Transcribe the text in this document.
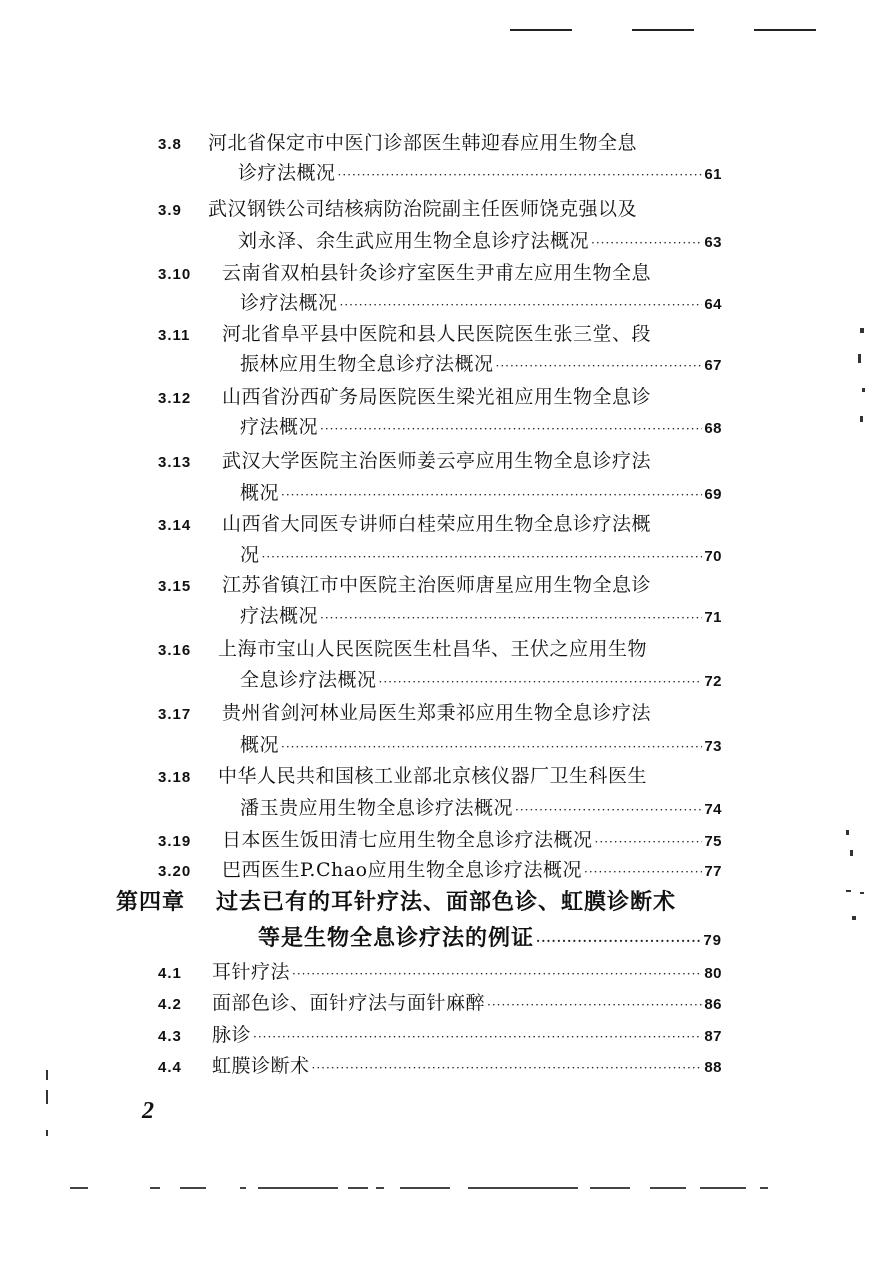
3.8	河北省保定市中医门诊部医生韩迎春应用生物全息
诊疗法概况 ·····	61
3.9	武汉钢铁公司结核病防治院副主任医师饶克强以及
刘永泽、余生武应用生物全息诊疗法概况 ·····	63
3.10	云南省双柏县针灸诊疗室医生尹甫左应用生物全息
诊疗法概况 ·····	64
3.11	河北省阜平县中医院和县人民医院医生张三堂、段
振林应用生物全息诊疗法概况 ·····	67
3.12	山西省汾西矿务局医院医生梁光祖应用生物全息诊
疗法概况 ·····	68
3.13	武汉大学医院主治医师姜云亭应用生物全息诊疗法
概况 ·····	69
3.14	山西省大同医专讲师白桂荣应用生物全息诊疗法概
况 ·····	70
3.15	江苏省镇江市中医院主治医师唐星应用生物全息诊
疗法概况 ·····	71
3.16	上海市宝山人民医院医生杜昌华、王伏之应用生物
全息诊疗法概况 ·····	72
3.17	贵州省剑河林业局医生郑秉祁应用生物全息诊疗法
概况 ·····	73
3.18	中华人民共和国核工业部北京核仪器厂卫生科医生
潘玉贵应用生物全息诊疗法概况 ·····	74
3.19	日本医生饭田清七应用生物全息诊疗法概况 ·····	75
3.20	巴西医生P.Chao应用生物全息诊疗法概况 ·····	77
第四章 过去已有的耳针疗法、面部色诊、虹膜诊断术
等是生物全息诊疗法的例证 ·····	79
4.1	耳针疗法 ·····	80
4.2	面部色诊、面针疗法与面针麻醉 ·····	86
4.3	脉诊 ·····	87
4.4	虹膜诊断术 ·····	88
2
